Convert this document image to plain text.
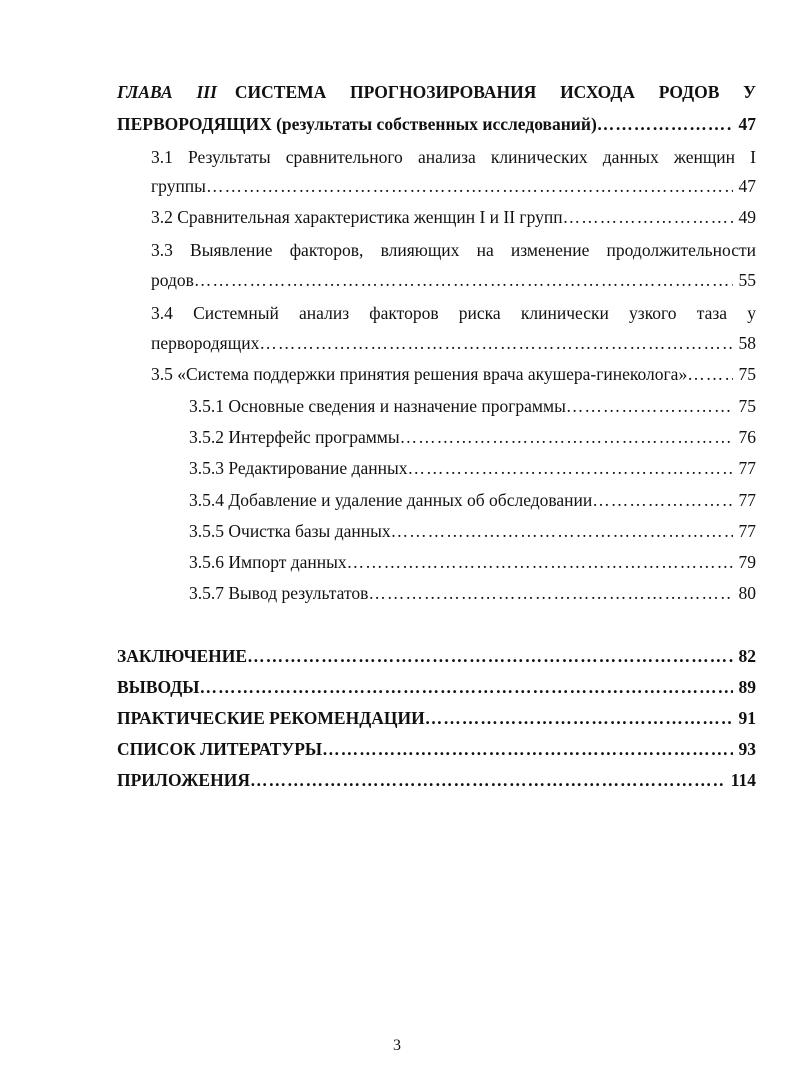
ГЛАВА III СИСТЕМА ПРОГНОЗИРОВАНИЯ ИСХОДА РОДОВ У
ПЕРВОРОДЯЩИХ (результаты собственных исследований) …………………………………………………………………………………………………………………………………………………………………………	47
3.1 Результаты сравнительного анализа клинических данных женщин I
группы …………………………………………………………………………………………………………………………………………………………………………	47
3.2 Сравнительная характеристика женщин I и II групп …………………………………………………………………………………………………………………………………………………………………………	49
3.3 Выявление факторов, влияющих на изменение продолжительности
родов …………………………………………………………………………………………………………………………………………………………………………	55
3.4 Системный анализ факторов риска клинически узкого таза у
первородящих …………………………………………………………………………………………………………………………………………………………………………	58
3.5 «Система поддержки принятия решения врача акушера-гинеколога» …………………………………………………………………………………………………………………………………………………………………………	75
3.5.1 Основные сведения и назначение программы …………………………………………………………………………………………………………………………………………………………………………	75
3.5.2 Интерфейс программы …………………………………………………………………………………………………………………………………………………………………………	76
3.5.3 Редактирование данных …………………………………………………………………………………………………………………………………………………………………………	77
3.5.4 Добавление и удаление данных об обследовании …………………………………………………………………………………………………………………………………………………………………………	77
3.5.5 Очистка базы данных …………………………………………………………………………………………………………………………………………………………………………	77
3.5.6 Импорт данных …………………………………………………………………………………………………………………………………………………………………………	79
3.5.7 Вывод результатов …………………………………………………………………………………………………………………………………………………………………………	80
ЗАКЛЮЧЕНИЕ …………………………………………………………………………………………………………………………………………………………………………	82
ВЫВОДЫ …………………………………………………………………………………………………………………………………………………………………………	89
ПРАКТИЧЕСКИЕ РЕКОМЕНДАЦИИ …………………………………………………………………………………………………………………………………………………………………………	91
СПИСОК ЛИТЕРАТУРЫ …………………………………………………………………………………………………………………………………………………………………………	93
ПРИЛОЖЕНИЯ …………………………………………………………………………………………………………………………………………………………………………	114
3
